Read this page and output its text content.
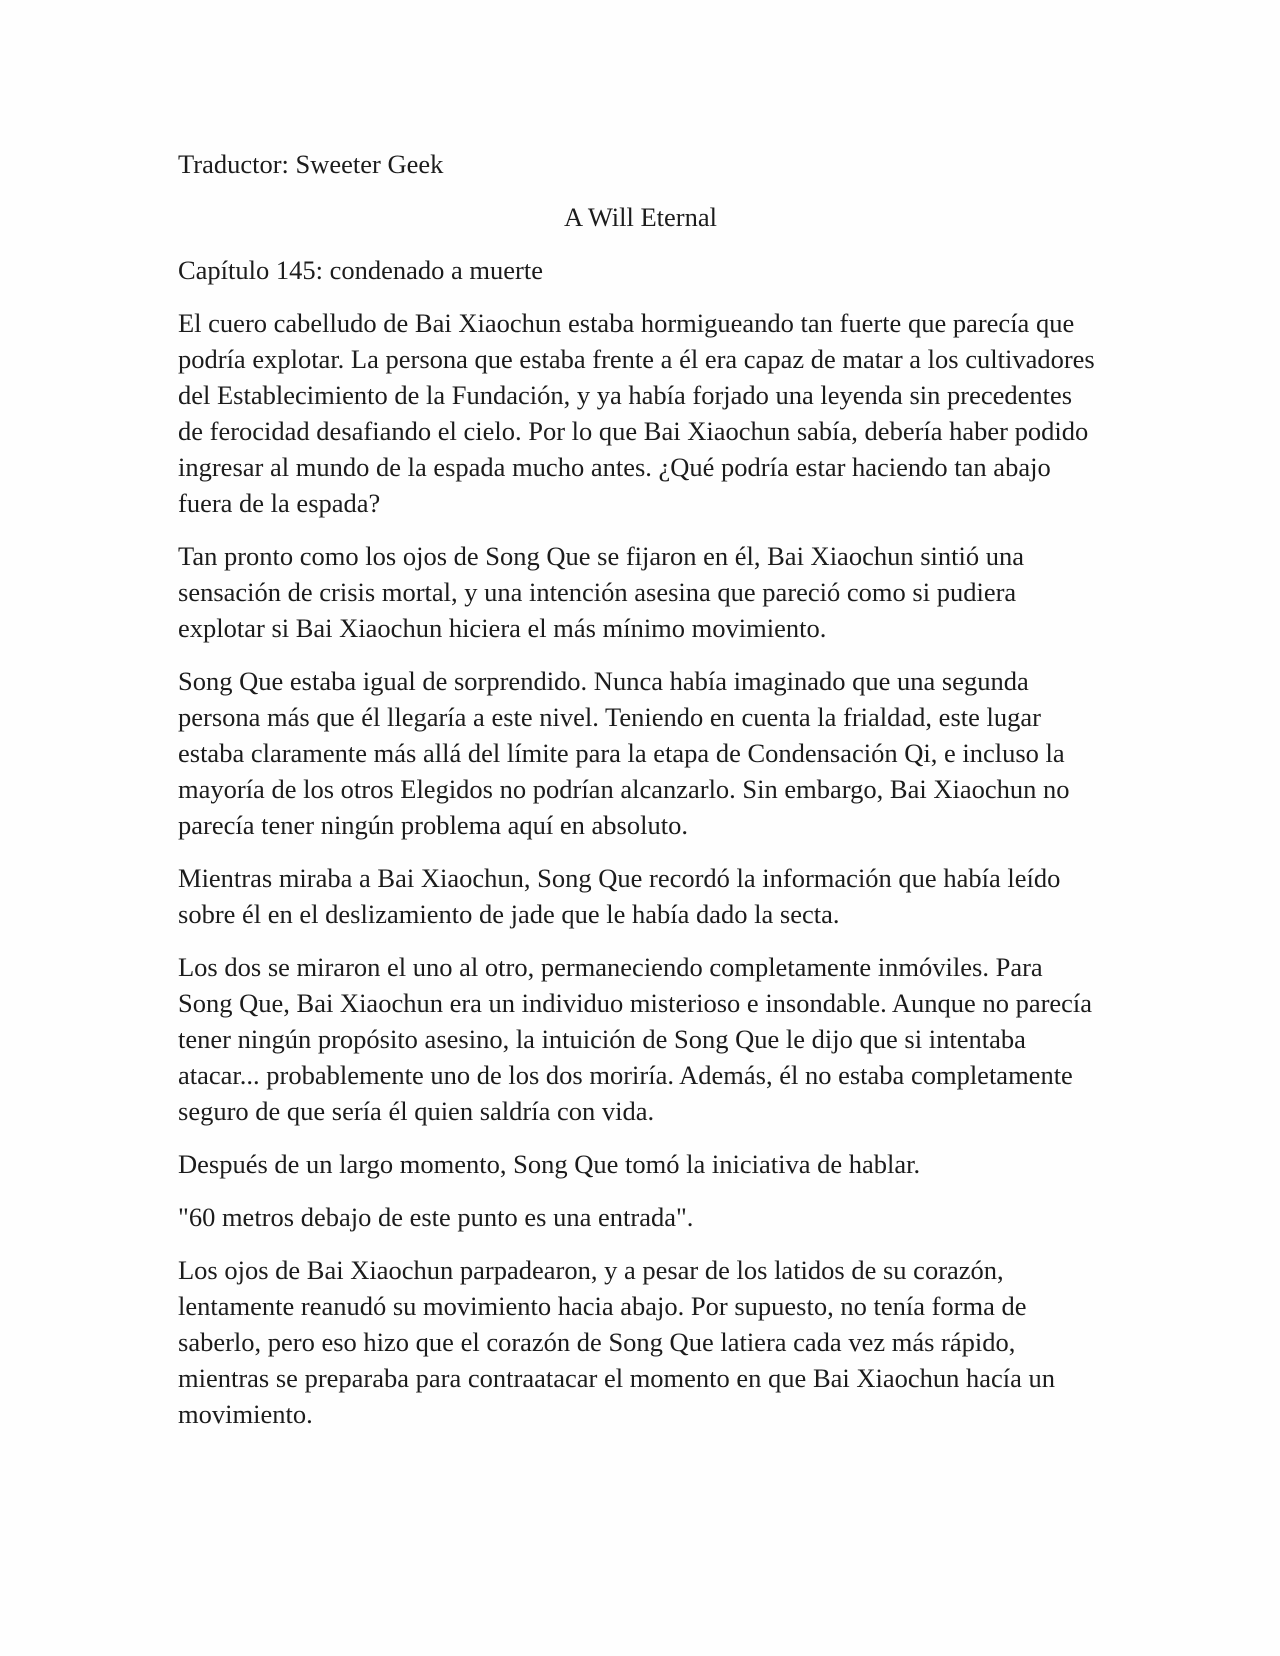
Traductor: Sweeter Geek

A Will Eternal

Capítulo 145: condenado a muerte

El cuero cabelludo de Bai Xiaochun estaba hormigueando tan fuerte que parecía que podría explotar. La persona que estaba frente a él era capaz de matar a los cultivadores del Establecimiento de la Fundación, y ya había forjado una leyenda sin precedentes de ferocidad desafiando el cielo. Por lo que Bai Xiaochun sabía, debería haber podido ingresar al mundo de la espada mucho antes. ¿Qué podría estar haciendo tan abajo fuera de la espada?

Tan pronto como los ojos de Song Que se fijaron en él, Bai Xiaochun sintió una sensación de crisis mortal, y una intención asesina que pareció como si pudiera explotar si Bai Xiaochun hiciera el más mínimo movimiento.

Song Que estaba igual de sorprendido. Nunca había imaginado que una segunda persona más que él llegaría a este nivel. Teniendo en cuenta la frialdad, este lugar estaba claramente más allá del límite para la etapa de Condensación Qi, e incluso la mayoría de los otros Elegidos no podrían alcanzarlo. Sin embargo, Bai Xiaochun no parecía tener ningún problema aquí en absoluto.

Mientras miraba a Bai Xiaochun, Song Que recordó la información que había leído sobre él en el deslizamiento de jade que le había dado la secta.

Los dos se miraron el uno al otro, permaneciendo completamente inmóviles. Para Song Que, Bai Xiaochun era un individuo misterioso e insondable. Aunque no parecía tener ningún propósito asesino, la intuición de Song Que le dijo que si intentaba atacar... probablemente uno de los dos moriría. Además, él no estaba completamente seguro de que sería él quien saldría con vida.

Después de un largo momento, Song Que tomó la iniciativa de hablar.

"60 metros debajo de este punto es una entrada".

Los ojos de Bai Xiaochun parpadearon, y a pesar de los latidos de su corazón, lentamente reanudó su movimiento hacia abajo. Por supuesto, no tenía forma de saberlo, pero eso hizo que el corazón de Song Que latiera cada vez más rápido, mientras se preparaba para contraatacar el momento en que Bai Xiaochun hacía un movimiento.
